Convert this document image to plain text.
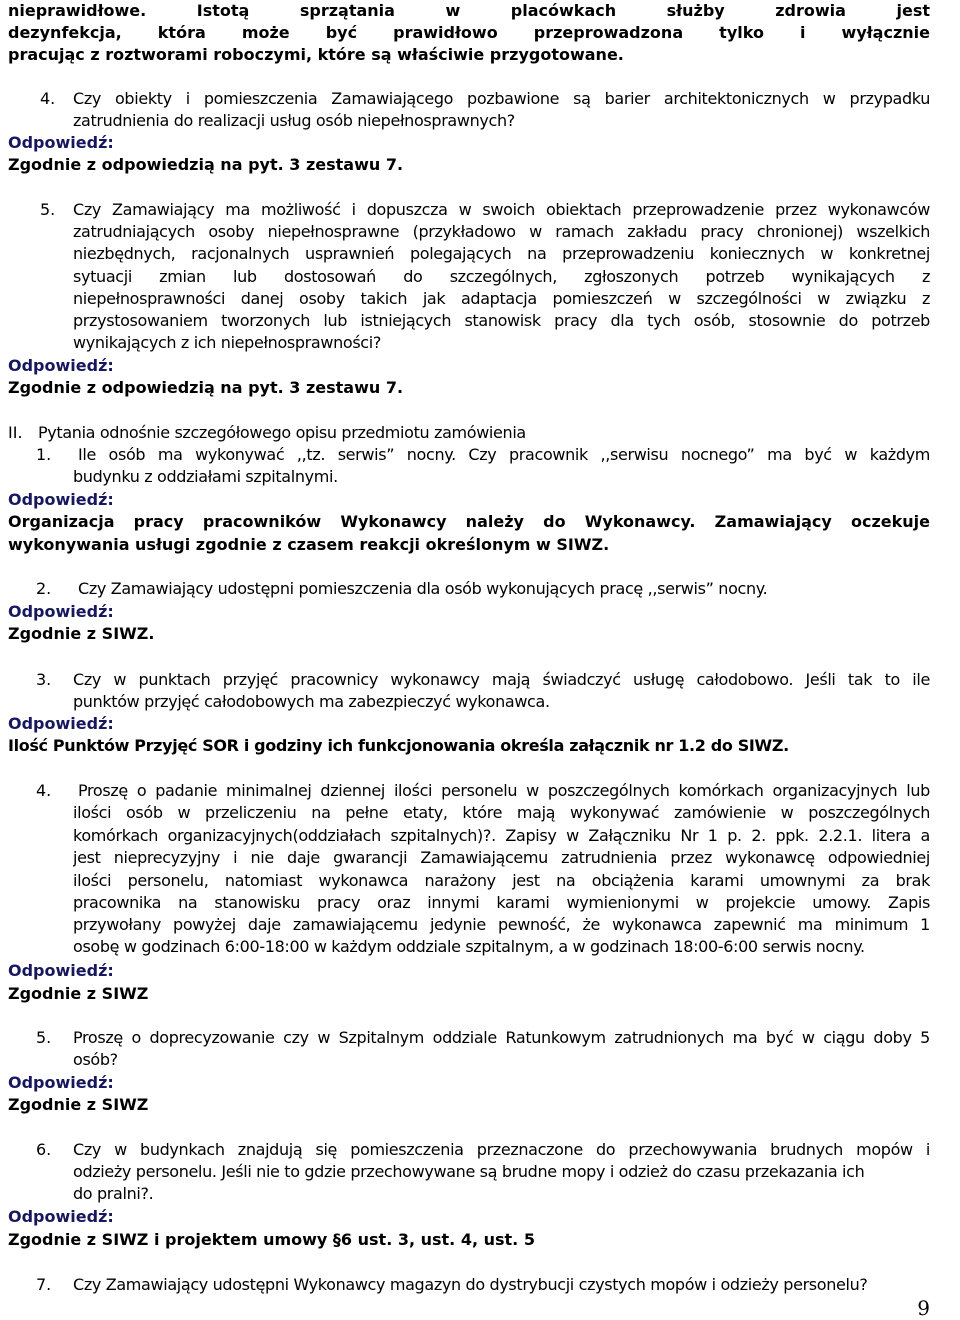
nieprawidłowe. Istotą sprzątania w placówkach służby zdrowia jest
dezynfekcja, która może być prawidłowo przeprowadzona tylko i wyłącznie
pracując z roztworami roboczymi, które są właściwie przygotowane.
4.	Czy obiekty i pomieszczenia Zamawiającego pozbawione są barier architektonicznych w przypadku
zatrudnienia do realizacji usług osób niepełnosprawnych?
Odpowiedź:
Zgodnie z odpowiedzią na pyt. 3 zestawu 7.
5.	Czy Zamawiający ma możliwość i dopuszcza w swoich obiektach przeprowadzenie przez wykonawców
zatrudniających osoby niepełnosprawne (przykładowo w ramach zakładu pracy chronionej) wszelkich
niezbędnych, racjonalnych usprawnień polegających na przeprowadzeniu koniecznych w konkretnej
sytuacji zmian lub dostosowań do szczególnych, zgłoszonych potrzeb wynikających z
niepełnosprawności danej osoby takich jak adaptacja pomieszczeń w szczególności w związku z
przystosowaniem tworzonych lub istniejących stanowisk pracy dla tych osób, stosownie do potrzeb
wynikających z ich niepełnosprawności?
Odpowiedź:
Zgodnie z odpowiedzią na pyt. 3 zestawu 7.
II. Pytania odnośnie szczegółowego opisu przedmiotu zamówienia
1.	Ile osób ma wykonywać ,,tz. serwis” nocny. Czy pracownik ,,serwisu nocnego” ma być w każdym
budynku z oddziałami szpitalnymi.
Odpowiedź:
Organizacja pracy pracowników Wykonawcy należy do Wykonawcy. Zamawiający oczekuje
wykonywania usługi zgodnie z czasem reakcji określonym w SIWZ.
2.	Czy Zamawiający udostępni pomieszczenia dla osób wykonujących pracę ,,serwis” nocny.
Odpowiedź:
Zgodnie z SIWZ.
3.	Czy w punktach przyjęć pracownicy wykonawcy mają świadczyć usługę całodobowo. Jeśli tak to ile
punktów przyjęć całodobowych ma zabezpieczyć wykonawca.
Odpowiedź:
Ilość Punktów Przyjęć SOR i godziny ich funkcjonowania określa załącznik nr 1.2 do SIWZ.
4.	Proszę o padanie minimalnej dziennej ilości personelu w poszczególnych komórkach organizacyjnych lub
ilości osób w przeliczeniu na pełne etaty, które mają wykonywać zamówienie w poszczególnych
komórkach organizacyjnych(oddziałach szpitalnych)?. Zapisy w Załączniku Nr 1 p. 2. ppk. 2.2.1. litera a
jest nieprecyzyjny i nie daje gwarancji Zamawiającemu zatrudnienia przez wykonawcę odpowiedniej
ilości personelu, natomiast wykonawca narażony jest na obciążenia karami umownymi za brak
pracownika na stanowisku pracy oraz innymi karami wymienionymi w projekcie umowy. Zapis
przywołany powyżej daje zamawiającemu jedynie pewność, że wykonawca zapewnić ma minimum 1
osobę w godzinach 6:00-18:00 w każdym oddziale szpitalnym, a w godzinach 18:00-6:00 serwis nocny.
Odpowiedź:
Zgodnie z SIWZ
5.	Proszę o doprecyzowanie czy w Szpitalnym oddziale Ratunkowym zatrudnionych ma być w ciągu doby 5
osób?
Odpowiedź:
Zgodnie z SIWZ
6.	Czy w budynkach znajdują się pomieszczenia przeznaczone do przechowywania brudnych mopów i
odzieży personelu. Jeśli nie to gdzie przechowywane są brudne mopy i odzież do czasu przekazania ich
do pralni?.
Odpowiedź:
Zgodnie z SIWZ i projektem umowy §6 ust. 3, ust. 4, ust. 5
7.	Czy Zamawiający udostępni Wykonawcy magazyn do dystrybucji czystych mopów i odzieży personelu?
9
